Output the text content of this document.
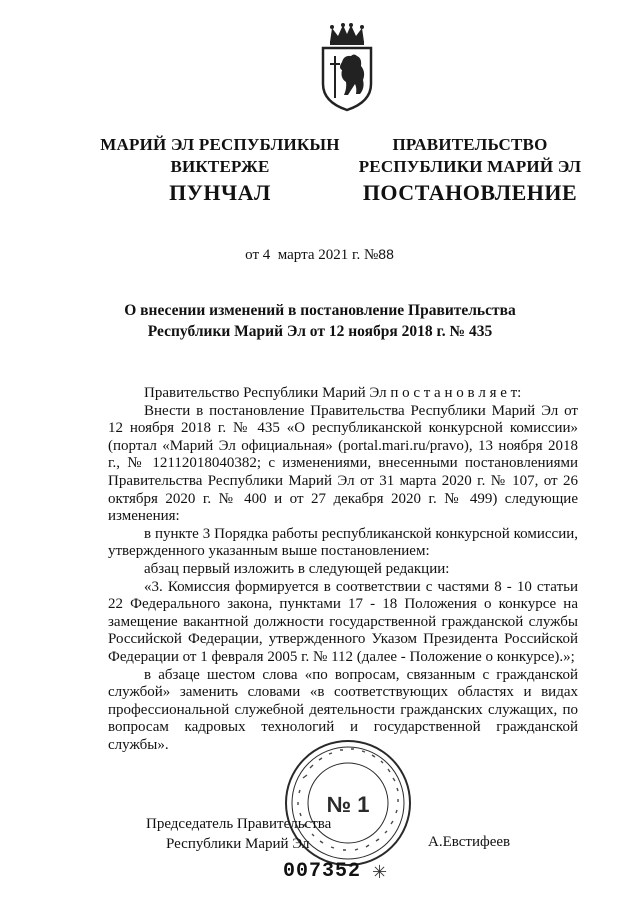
МАРИЙ ЭЛ РЕСПУБЛИКЫН
ВИКТЕРЖЕ
ПУНЧАЛ
ПРАВИТЕЛЬСТВО
РЕСПУБЛИКИ МАРИЙ ЭЛ
ПОСТАНОВЛЕНИЕ
от 4 марта 2021 г. №88
О внесении изменений в постановление Правительства
Республики Марий Эл от 12 ноября 2018 г. № 435

Правительство Республики Марий Эл п о с т а н о в л я е т:

Внести в постановление Правительства Республики Марий Эл от 12 ноября 2018 г. № 435 «О республиканской конкурсной комиссии» (портал «Марий Эл официальная» (portal.mari.ru/pravo), 13 ноября 2018 г., № 12112018040382; с изменениями, внесенными постановлениями Правительства Республики Марий Эл от 31 марта 2020 г. № 107, от 26 октября 2020 г. № 400 и от 27 декабря 2020 г. № 499) следующие изменения:

в пункте 3 Порядка работы республиканской конкурсной комиссии, утвержденного указанным выше постановлением:

абзац первый изложить в следующей редакции:

«3. Комиссия формируется в соответствии с частями 8 - 10 статьи 22 Федерального закона, пунктами 17 - 18 Положения о конкурсе на замещение вакантной должности государственной гражданской службы Российской Федерации, утвержденного Указом Президента Российской Федерации от 1 февраля 2005 г. № 112 (далее - Положение о конкурсе).»;

в абзаце шестом слова «по вопросам, связанным с гражданской службой» заменить словами «в соответствующих областях и видах профессиональной служебной деятельности гражданских служащих, по вопросам кадровых технологий и государственной гражданской службы».

№ 1
Председатель Правительства
Республики Марий Эл	А.Евстифеев
007352 ✳
